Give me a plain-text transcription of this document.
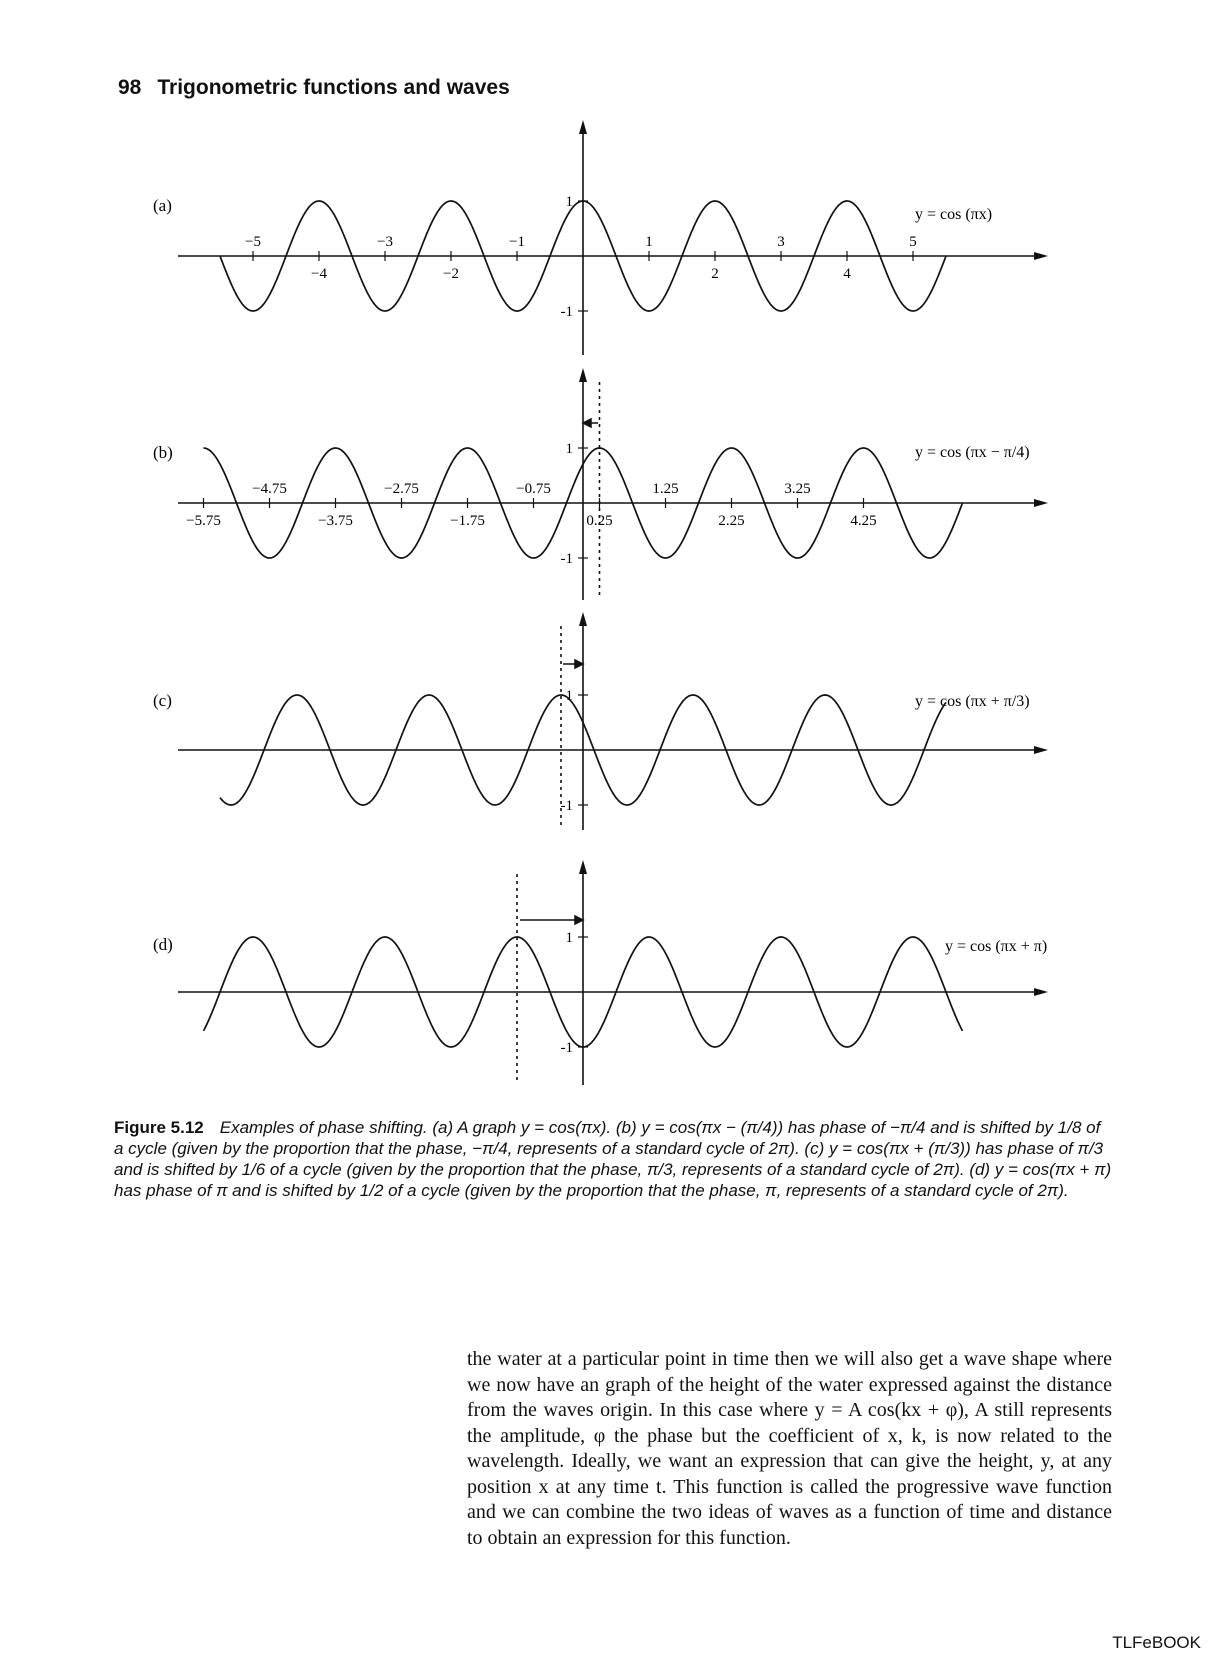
98 Trigonometric functions and waves
(a)
(b)
(c)
(d)
y = cos (πx)
y = cos (πx − π/4)
y = cos (πx + π/3)
y = cos (πx + π)
1
-1
−5	−3	−1	1	3	5
−4	−2	2	4
1
-1
−4.75	−2.75	−0.75	1.25	3.25
−5.75	−3.75	−1.75	0.25	2.25	4.25
1
-1
1
-1
Figure 5.12 Examples of phase shifting. (a) A graph y = cos(πx). (b) y = cos(πx − (π/4)) has phase of −π/4 and is shifted by 1/8 of a cycle (given by the proportion that the phase, −π/4, represents of a standard cycle of 2π). (c) y = cos(πx + (π/3)) has phase of π/3 and is shifted by 1/6 of a cycle (given by the proportion that the phase, π/3, represents of a standard cycle of 2π). (d) y = cos(πx + π) has phase of π and is shifted by 1/2 of a cycle (given by the proportion that the phase, π, represents of a standard cycle of 2π).
the water at a particular point in time then we will also get a wave shape where we now have an graph of the height of the water expressed against the distance from the waves origin. In this case where y = A cos(kx + φ), A still represents the amplitude, φ the phase but the coefficient of x, k, is now related to the wavelength. Ideally, we want an expression that can give the height, y, at any position x at any time t. This function is called the progressive wave function and we can combine the two ideas of waves as a function of time and distance to obtain an expression for this function.
TLFeBOOK
